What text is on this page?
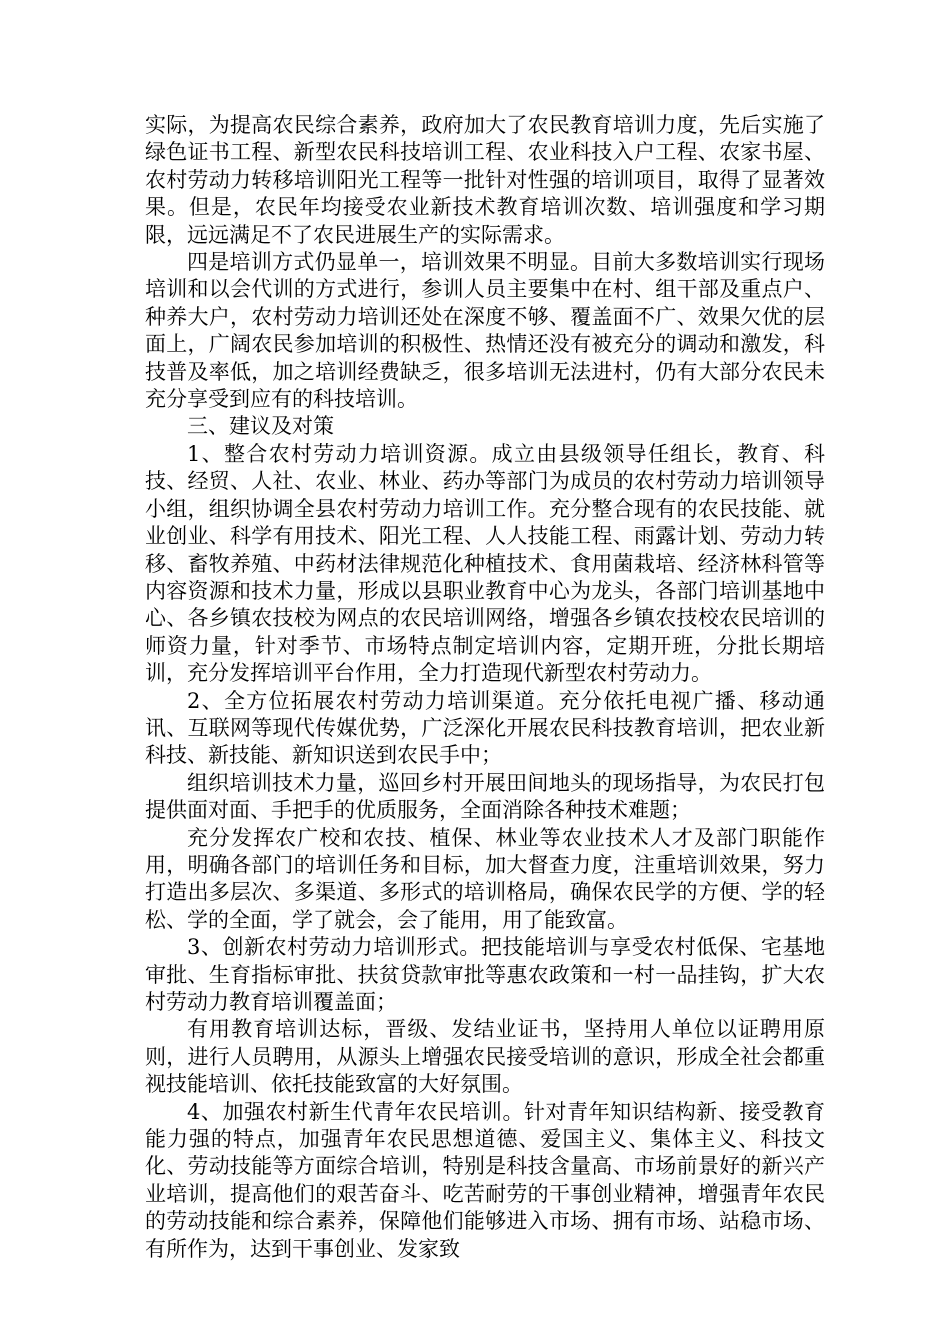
实际，为提高农民综合素养，政府加大了农民教育培训力度，先后实施了绿色证书工程、新型农民科技培训工程、农业科技入户工程、农家书屋、农村劳动力转移培训阳光工程等一批针对性强的培训项目，取得了显著效果。但是，农民年均接受农业新技术教育培训次数、培训强度和学习期限，远远满足不了农民进展生产的实际需求。

四是培训方式仍显单一，培训效果不明显。目前大多数培训实行现场培训和以会代训的方式进行，参训人员主要集中在村、组干部及重点户、种养大户，农村劳动力培训还处在深度不够、覆盖面不广、效果欠优的层面上，广阔农民参加培训的积极性、热情还没有被充分的调动和激发，科技普及率低，加之培训经费缺乏，很多培训无法进村，仍有大部分农民未充分享受到应有的科技培训。

三、建议及对策

1、整合农村劳动力培训资源。成立由县级领导任组长，教育、科技、经贸、人社、农业、林业、药办等部门为成员的农村劳动力培训领导小组，组织协调全县农村劳动力培训工作。充分整合现有的农民技能、就业创业、科学有用技术、阳光工程、人人技能工程、雨露计划、劳动力转移、畜牧养殖、中药材法律规范化种植技术、食用菌栽培、经济林科管等内容资源和技术力量，形成以县职业教育中心为龙头，各部门培训基地中心、各乡镇农技校为网点的农民培训网络，增强各乡镇农技校农民培训的师资力量，针对季节、市场特点制定培训内容，定期开班，分批长期培训，充分发挥培训平台作用，全力打造现代新型农村劳动力。

2、全方位拓展农村劳动力培训渠道。充分依托电视广播、移动通讯、互联网等现代传媒优势，广泛深化开展农民科技教育培训，把农业新科技、新技能、新知识送到农民手中；

组织培训技术力量，巡回乡村开展田间地头的现场指导，为农民打包提供面对面、手把手的优质服务，全面消除各种技术难题；

充分发挥农广校和农技、植保、林业等农业技术人才及部门职能作用，明确各部门的培训任务和目标，加大督查力度，注重培训效果，努力打造出多层次、多渠道、多形式的培训格局，确保农民学的方便、学的轻松、学的全面，学了就会，会了能用，用了能致富。

3、创新农村劳动力培训形式。把技能培训与享受农村低保、宅基地审批、生育指标审批、扶贫贷款审批等惠农政策和一村一品挂钩，扩大农村劳动力教育培训覆盖面；

有用教育培训达标，晋级、发结业证书，坚持用人单位以证聘用原则，进行人员聘用，从源头上增强农民接受培训的意识，形成全社会都重视技能培训、依托技能致富的大好氛围。

4、加强农村新生代青年农民培训。针对青年知识结构新、接受教育能力强的特点，加强青年农民思想道德、爱国主义、集体主义、科技文化、劳动技能等方面综合培训，特别是科技含量高、市场前景好的新兴产业培训，提高他们的艰苦奋斗、吃苦耐劳的干事创业精神，增强青年农民的劳动技能和综合素养，保障他们能够进入市场、拥有市场、站稳市场、有所作为，达到干事创业、发家致
